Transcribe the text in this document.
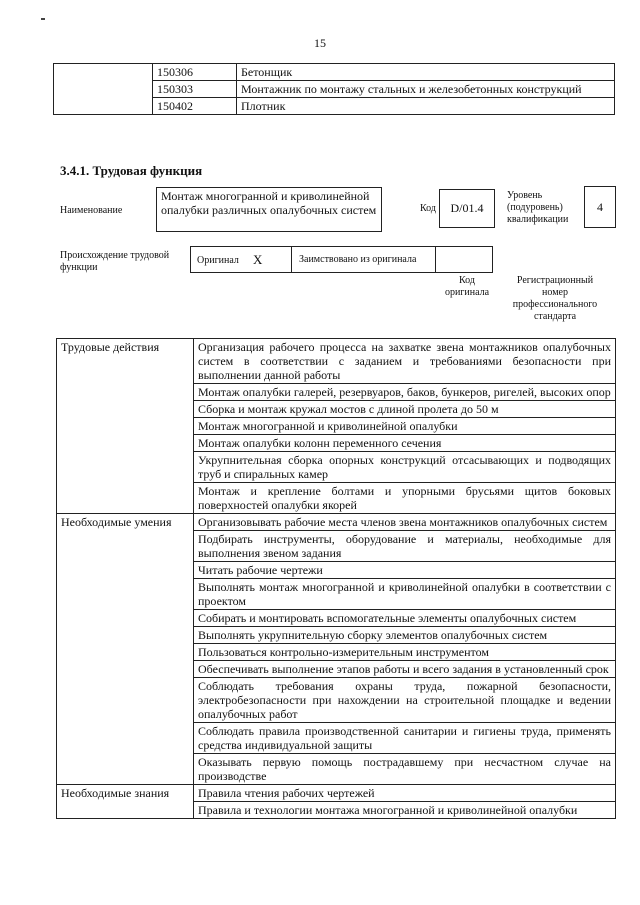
15
	150306	Бетонщик
	150303	Монтажник по монтажу стальных и железобетонных конструкций
	150402	Плотник
3.4.1. Трудовая функция
Наименование
Монтаж многогранной и криволинейной опалубки различных опалубочных систем	Код	D/01.4
Уровень (подуровень) квалификации
4
Происхождение трудовой функции
Оригинал X	Заимствовано из оригинала
Код оригинала
Регистрационный номер профессионального стандарта
Трудовые действия	Организация рабочего процесса на захватке звена монтажников опалубочных систем в соответствии с заданием и требованиями безопасности при выполнении данной работы
	Монтаж опалубки галерей, резервуаров, баков, бункеров, ригелей, высоких опор
	Сборка и монтаж кружал мостов с длиной пролета до 50 м
	Монтаж многогранной и криволинейной опалубки
	Монтаж опалубки колонн переменного сечения
	Укрупнительная сборка опорных конструкций отсасывающих и подводящих труб и спиральных камер
	Монтаж и крепление болтами и упорными брусьями щитов боковых поверхностей опалубки якорей
Необходимые умения	Организовывать рабочие места членов звена монтажников опалубочных систем
	Подбирать инструменты, оборудование и материалы, необходимые для выполнения звеном задания
	Читать рабочие чертежи
	Выполнять монтаж многогранной и криволинейной опалубки в соответствии с проектом
	Собирать и монтировать вспомогательные элементы опалубочных систем
	Выполнять укрупнительную сборку элементов опалубочных систем
	Пользоваться контрольно-измерительным инструментом
	Обеспечивать выполнение этапов работы и всего задания в установленный срок
	Соблюдать требования охраны труда, пожарной безопасности, электробезопасности при нахождении на строительной площадке и ведении опалубочных работ
	Соблюдать правила производственной санитарии и гигиены труда, применять средства индивидуальной защиты
	Оказывать первую помощь пострадавшему при несчастном случае на производстве
Необходимые знания	Правила чтения рабочих чертежей
	Правила и технологии монтажа многогранной и криволинейной опалубки
